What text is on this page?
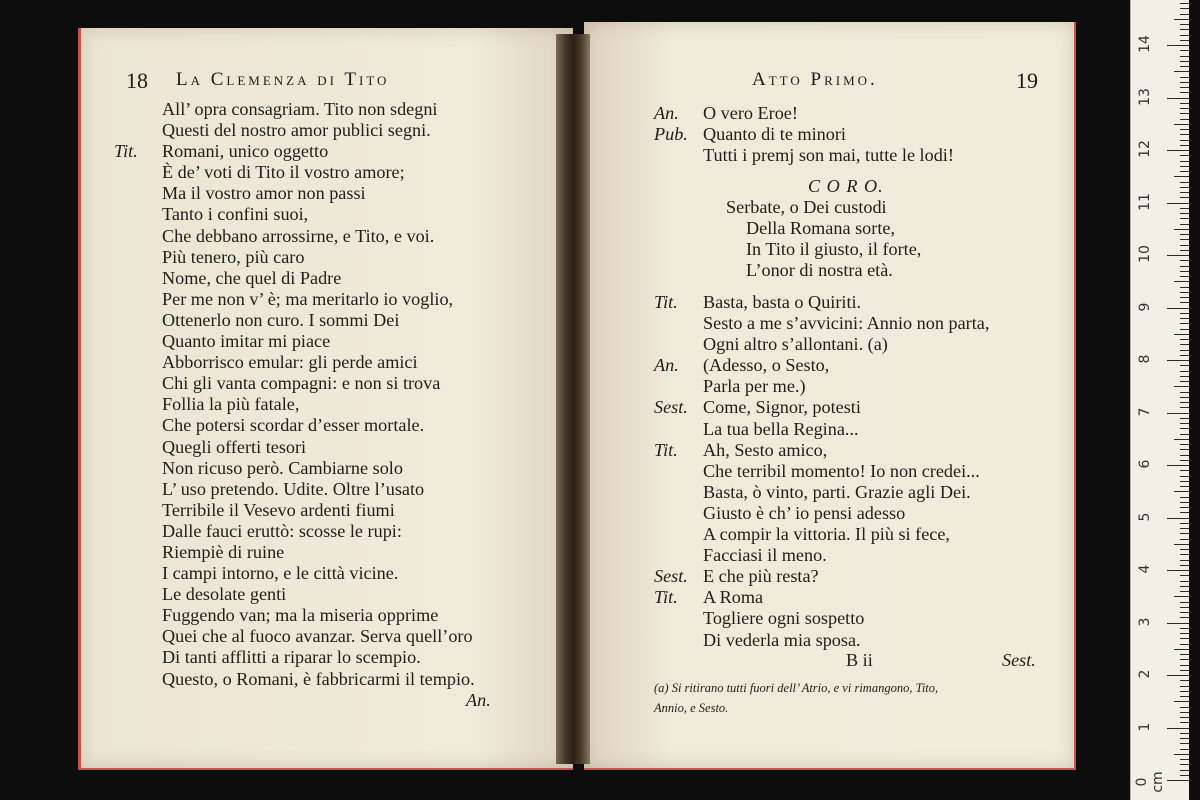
18 La Clemenza di Tito
All’ opra consagriam. Tito non sdegni
Questi del nostro amor publici segni.
Tit. Romani, unico oggetto
È de’ voti di Tito il vostro amore;
Ma il vostro amor non passi
Tanto i confini suoi,
Che debbano arrossirne, e Tito, e voi.
Più tenero, più caro
Nome, che quel di Padre
Per me non v’ è; ma meritarlo io voglio,
Ottenerlo non curo. I sommi Dei
Quanto imitar mi piace
Abborrisco emular: gli perde amici
Chi gli vanta compagni: e non si trova
Follia la più fatale,
Che potersi scordar d’esser mortale.
Quegli offerti tesori
Non ricuso però. Cambiarne solo
L’ uso pretendo. Udite. Oltre l’usato
Terribile il Vesevo ardenti fiumi
Dalle fauci eruttò: scosse le rupi:
Riempiè di ruine
I campi intorno, e le città vicine.
Le desolate genti
Fuggendo van; ma la miseria opprime
Quei che al fuoco avanzar. Serva quell’oro
Di tanti afflitti a riparar lo scempio.
Questo, o Romani, è fabbricarmi il tempio.
An.
Atto Primo.	19
An. O vero Eroe!
Pub. Quanto di te minori
Tutti i premj son mai, tutte le lodi!
C O R O.
Serbate, o Dei custodi
Della Romana sorte,
In Tito il giusto, il forte,
L’onor di nostra età.
Tit. Basta, basta o Quiriti.
Sesto a me s’avvicini: Annio non parta,
Ogni altro s’allontani. (a)
An. (Adesso, o Sesto,
Parla per me.)
Sest. Come, Signor, potesti
La tua bella Regina...
Tit. Ah, Sesto amico,
Che terribil momento! Io non credei...
Basta, ò vinto, parti. Grazie agli Dei.
Giusto è ch’ io pensi adesso
A compir la vittoria. Il più si fece,
Facciasi il meno.
Sest. E che più resta?
Tit. A Roma
Togliere ogni sospetto
Di vederla mia sposa.
B ii	Sest.
(a) Si ritirano tutti fuori dell’ Atrio, e vi rimangono, Tito,
Annio, e Sesto.
0 cm
1
2
3
4
5
6
7
8
9
10
11
12
13
14
